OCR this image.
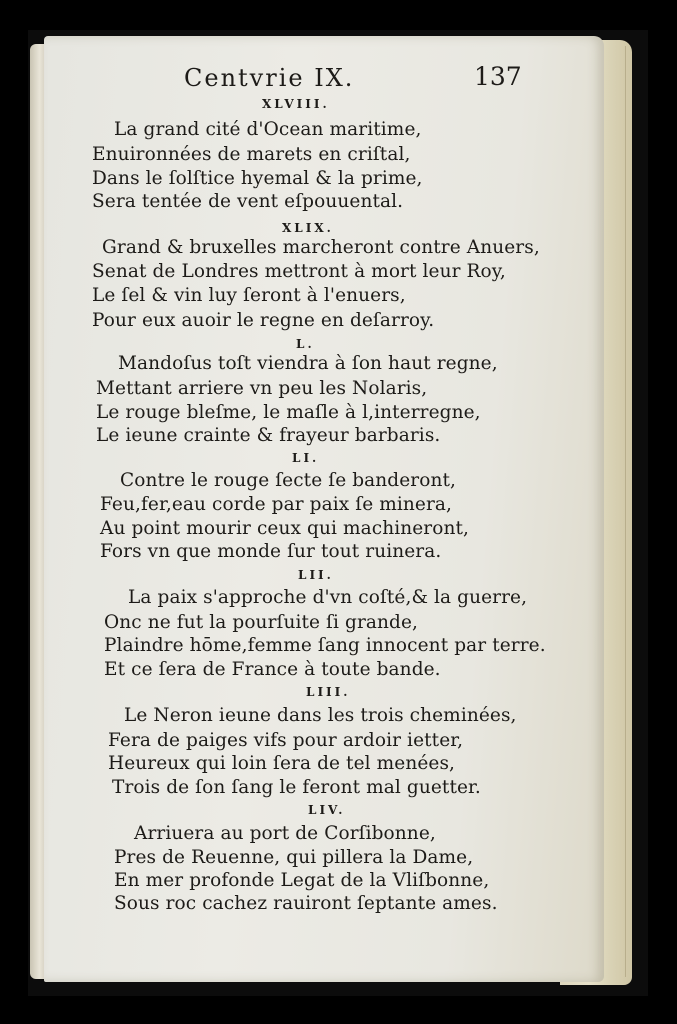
Centvrie IX.	137
XLVIII.
La grand cité d'Ocean maritime,
Enuironnées de marets en criſtal,
Dans le ſolſtice hyemal & la prime,
Sera tentée de vent eſpouuental.
XLIX.
Grand & bruxelles marcheront contre Anuers,
Senat de Londres mettront à mort leur Roy,
Le ſel & vin luy ſeront à l'enuers,
Pour eux auoir le regne en deſarroy.
L.
Mandoſus toſt viendra à ſon haut regne,
Mettant arriere vn peu les Nolaris,
Le rouge bleſme, le maſle à l,interregne,
Le ieune crainte & frayeur barbaris.
LI.
Contre le rouge ſecte ſe banderont,
Feu,fer,eau corde par paix ſe minera,
Au point mourir ceux qui machineront,
Fors vn que monde ſur tout ruinera.
LII.
La paix s'approche d'vn coſté,& la guerre,
Onc ne fut la pourſuite ſi grande,
Plaindre hōme,femme ſang innocent par terre.
Et ce ſera de France à toute bande.
LIII.
Le Neron ieune dans les trois cheminées,
Fera de paiges vifs pour ardoir ietter,
Heureux qui loin ſera de tel menées,
Trois de ſon ſang le feront mal guetter.
LIV.
Arriuera au port de Corſibonne,
Pres de Reuenne, qui pillera la Dame,
En mer profonde Legat de la Vliſbonne,
Sous roc cachez rauiront ſeptante ames.
